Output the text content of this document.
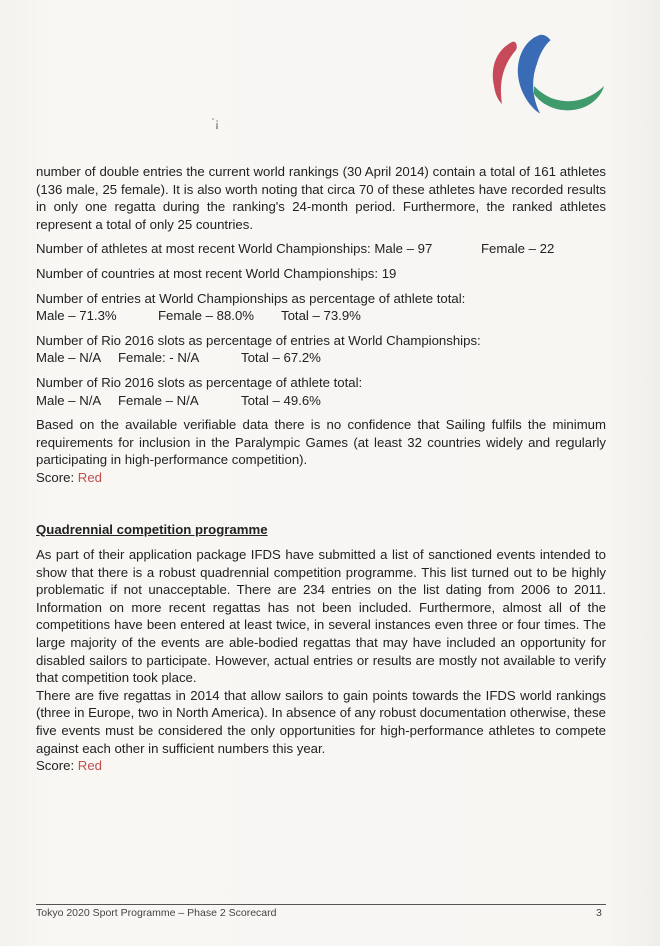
ˈ¡

number of double entries the current world rankings (30 April 2014) contain a total of 161 athletes (136 male, 25 female). It is also worth noting that circa 70 of these athletes have recorded results in only one regatta during the ranking's 24-month period. Furthermore, the ranked athletes represent a total of only 25 countries.

Number of athletes at most recent World Championships: Male – 97	Female – 22

Number of countries at most recent World Championships: 19

Number of entries at World Championships as percentage of athlete total:
Male – 71.3%	Female – 88.0% Total – 73.9%

Number of Rio 2016 slots as percentage of entries at World Championships:
Male – N/A Female: - N/A	Total – 67.2%

Number of Rio 2016 slots as percentage of athlete total:
Male – N/A Female – N/A	Total – 49.6%

Based on the available verifiable data there is no confidence that Sailing fulfils the minimum requirements for inclusion in the Paralympic Games (at least 32 countries widely and regularly participating in high-performance competition).
Score: Red

Quadrennial competition programme

As part of their application package IFDS have submitted a list of sanctioned events intended to show that there is a robust quadrennial competition programme. This list turned out to be highly problematic if not unacceptable. There are 234 entries on the list dating from 2006 to 2011. Information on more recent regattas has not been included. Furthermore, almost all of the competitions have been entered at least twice, in several instances even three or four times. The large majority of the events are able-bodied regattas that may have included an opportunity for disabled sailors to participate. However, actual entries or results are mostly not available to verify that competition took place.
There are five regattas in 2014 that allow sailors to gain points towards the IFDS world rankings (three in Europe, two in North America). In absence of any robust documentation otherwise, these five events must be considered the only opportunities for high-performance athletes to compete against each other in sufficient numbers this year.
Score: Red

Tokyo 2020 Sport Programme – Phase 2 Scorecard	3
